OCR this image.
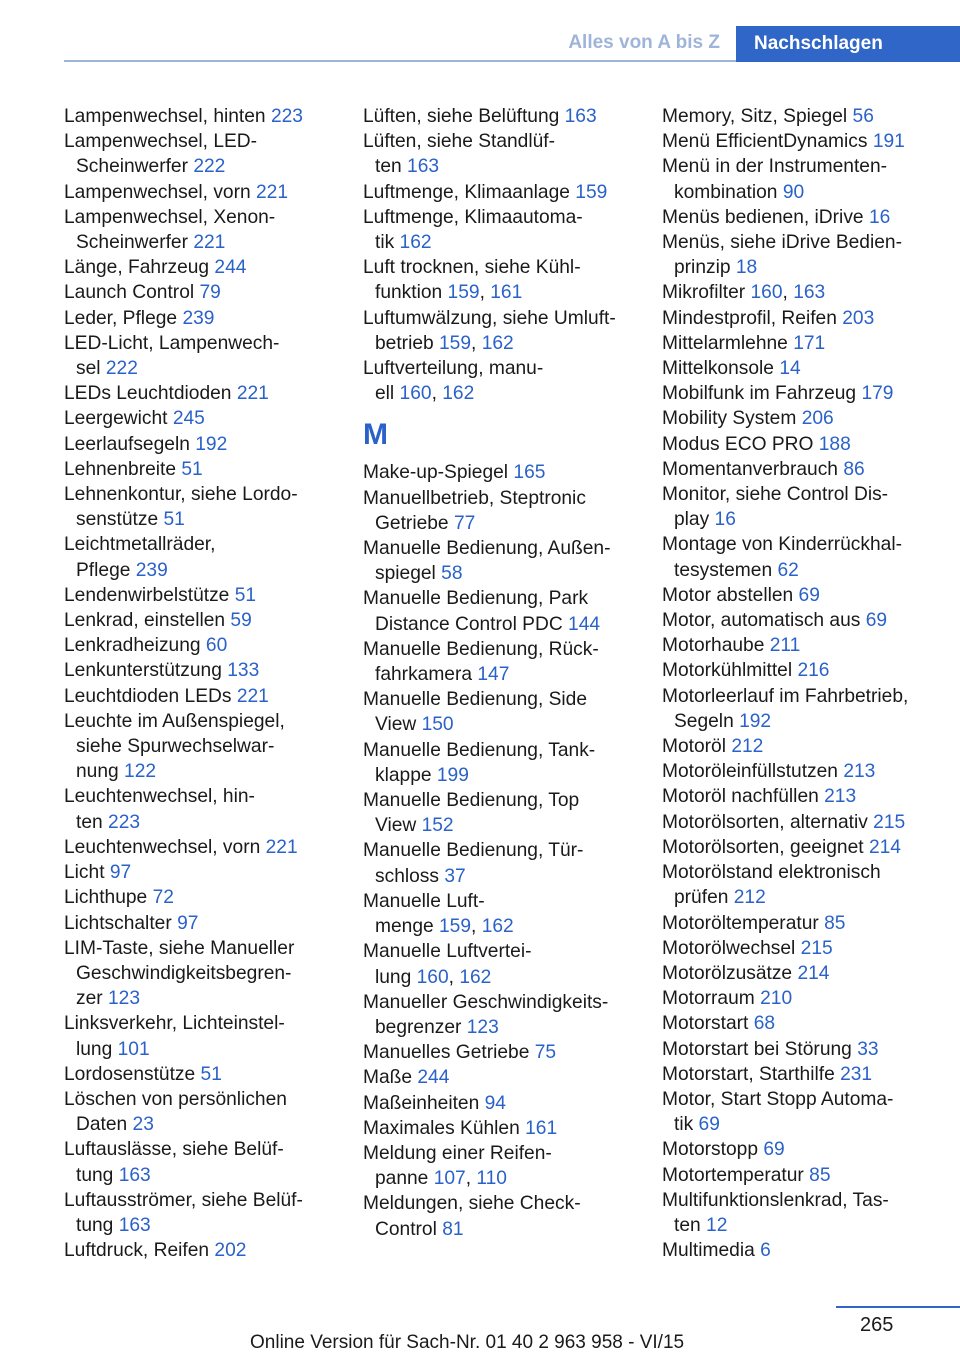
Alles von A bis Z	Nachschlagen
Lampenwechsel, hinten 223
Lampenwechsel, LED-
Scheinwerfer 222
Lampenwechsel, vorn 221
Lampenwechsel, Xenon-
Scheinwerfer 221
Länge, Fahrzeug 244
Launch Control 79
Leder, Pflege 239
LED-Licht, Lampenwech-
sel 222
LEDs Leuchtdioden 221
Leergewicht 245
Leerlaufsegeln 192
Lehnenbreite 51
Lehnenkontur, siehe Lordo-
senstütze 51
Leichtmetallräder,
Pflege 239
Lendenwirbelstütze 51
Lenkrad, einstellen 59
Lenkradheizung 60
Lenkunterstützung 133
Leuchtdioden LEDs 221
Leuchte im Außenspiegel,
siehe Spurwechselwar-
nung 122
Leuchtenwechsel, hin-
ten 223
Leuchtenwechsel, vorn 221
Licht 97
Lichthupe 72
Lichtschalter 97
LIM-Taste, siehe Manueller
Geschwindigkeitsbegren-
zer 123
Linksverkehr, Lichteinstel-
lung 101
Lordosenstütze 51
Löschen von persönlichen
Daten 23
Luftauslässe, siehe Belüf-
tung 163
Luftausströmer, siehe Belüf-
tung 163
Luftdruck, Reifen 202
Lüften, siehe Belüftung 163
Lüften, siehe Standlüf-
ten 163
Luftmenge, Klimaanlage 159
Luftmenge, Klimaautoma-
tik 162
Luft trocknen, siehe Kühl-
funktion 159, 161
Luftumwälzung, siehe Umluft-
betrieb 159, 162
Luftverteilung, manu-
ell 160, 162
M
Make-up-Spiegel 165
Manuellbetrieb, Steptronic
Getriebe 77
Manuelle Bedienung, Außen-
spiegel 58
Manuelle Bedienung, Park
Distance Control PDC 144
Manuelle Bedienung, Rück-
fahrkamera 147
Manuelle Bedienung, Side
View 150
Manuelle Bedienung, Tank-
klappe 199
Manuelle Bedienung, Top
View 152
Manuelle Bedienung, Tür-
schloss 37
Manuelle Luft-
menge 159, 162
Manuelle Luftvertei-
lung 160, 162
Manueller Geschwindigkeits-
begrenzer 123
Manuelles Getriebe 75
Maße 244
Maßeinheiten 94
Maximales Kühlen 161
Meldung einer Reifen-
panne 107, 110
Meldungen, siehe Check-
Control 81
Memory, Sitz, Spiegel 56
Menü EfficientDynamics 191
Menü in der Instrumenten-
kombination 90
Menüs bedienen, iDrive 16
Menüs, siehe iDrive Bedien-
prinzip 18
Mikrofilter 160, 163
Mindestprofil, Reifen 203
Mittelarmlehne 171
Mittelkonsole 14
Mobilfunk im Fahrzeug 179
Mobility System 206
Modus ECO PRO 188
Momentanverbrauch 86
Monitor, siehe Control Dis-
play 16
Montage von Kinderrückhal-
tesystemen 62
Motor abstellen 69
Motor, automatisch aus 69
Motorhaube 211
Motorkühlmittel 216
Motorleerlauf im Fahrbetrieb,
Segeln 192
Motoröl 212
Motoröleinfüllstutzen 213
Motoröl nachfüllen 213
Motorölsorten, alternativ 215
Motorölsorten, geeignet 214
Motorölstand elektronisch
prüfen 212
Motoröltemperatur 85
Motorölwechsel 215
Motorölzusätze 214
Motorraum 210
Motorstart 68
Motorstart bei Störung 33
Motorstart, Starthilfe 231
Motor, Start Stopp Automa-
tik 69
Motorstopp 69
Motortemperatur 85
Multifunktionslenkrad, Tas-
ten 12
Multimedia 6
265
Online Version für Sach-Nr. 01 40 2 963 958 - VI/15
